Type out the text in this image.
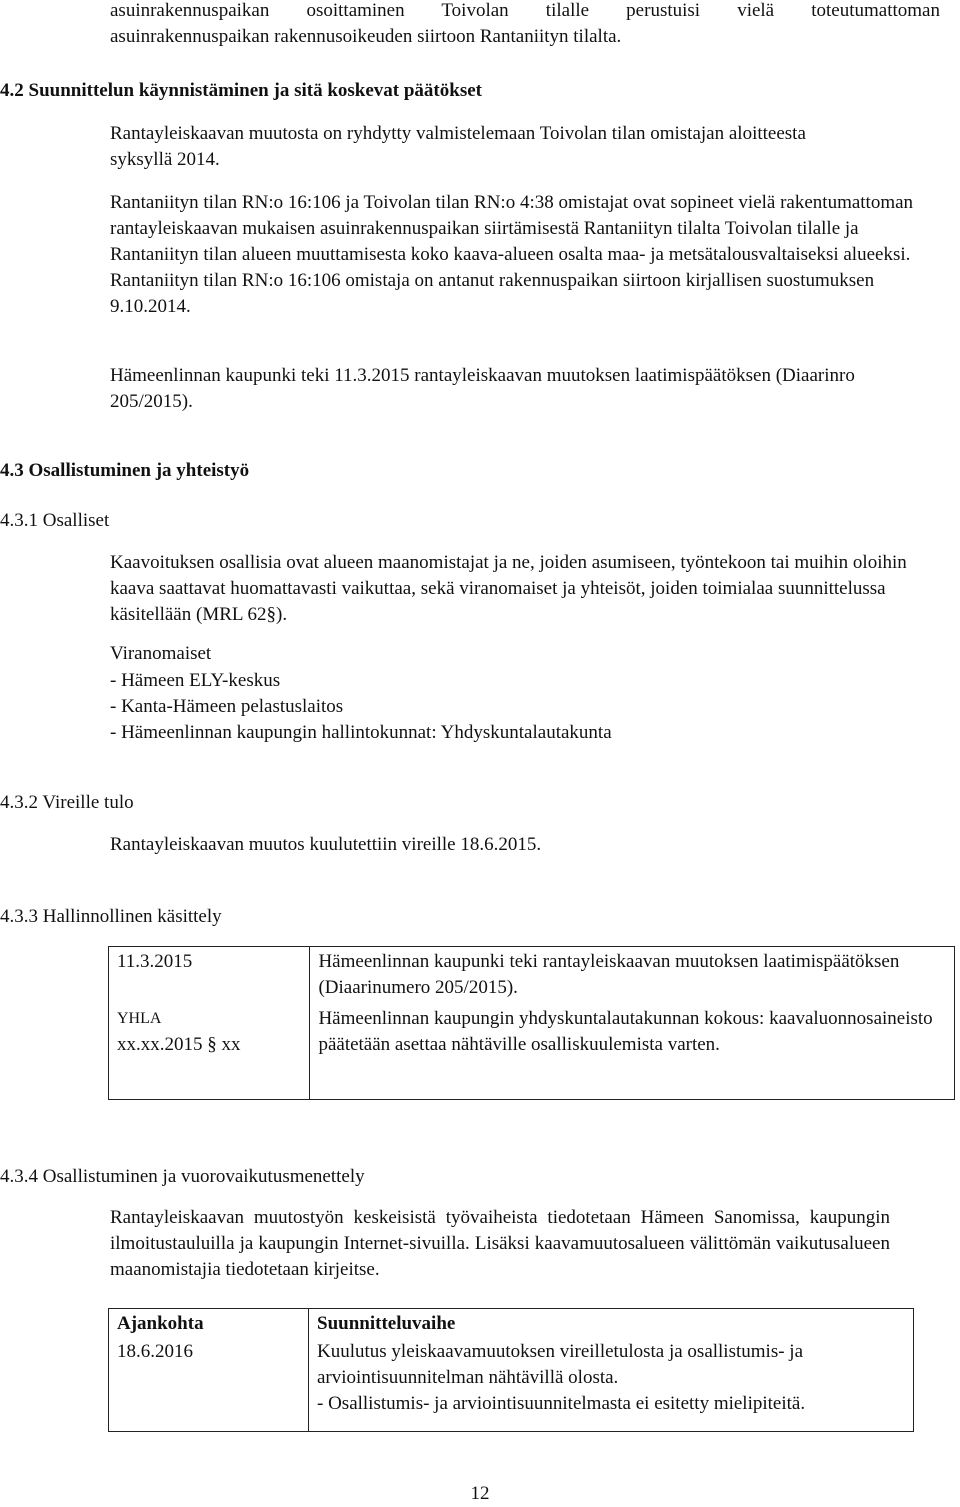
asuinrakennuspaikan osoittaminen Toivolan tilalle perustuisi vielä toteutumattoman
asuinrakennuspaikan rakennusoikeuden siirtoon Rantaniityn tilalta.
4.2 Suunnittelun käynnistäminen ja sitä koskevat päätökset
Rantayleiskaavan muutosta on ryhdytty valmistelemaan Toivolan tilan omistajan aloitteesta syksyllä 2014.
Rantaniityn tilan RN:o 16:106 ja Toivolan tilan RN:o 4:38 omistajat ovat sopineet vielä rakentumattoman rantayleiskaavan mukaisen asuinrakennuspaikan siirtämisestä Rantaniityn tilalta Toivolan tilalle ja Rantaniityn tilan alueen muuttamisesta koko kaava-alueen osalta maa- ja metsätalousvaltaiseksi alueeksi. Rantaniityn tilan RN:o 16:106 omistaja on antanut rakennuspaikan siirtoon kirjallisen suostumuksen 9.10.2014.
Hämeenlinnan kaupunki teki 11.3.2015 rantayleiskaavan muutoksen laatimispäätöksen (Diaarinro 205/2015).
4.3 Osallistuminen ja yhteistyö
4.3.1 Osalliset
Kaavoituksen osallisia ovat alueen maanomistajat ja ne, joiden asumiseen, työntekoon tai muihin oloihin kaava saattavat huomattavasti vaikuttaa, sekä viranomaiset ja yhteisöt, joiden toimialaa suunnittelussa käsitellään (MRL 62§).
Viranomaiset
- Hämeen ELY-keskus
- Kanta-Hämeen pelastuslaitos
- Hämeenlinnan kaupungin hallintokunnat: Yhdyskuntalautakunta
4.3.2 Vireille tulo
Rantayleiskaavan muutos kuulutettiin vireille 18.6.2015.
4.3.3 Hallinnollinen käsittely
11.3.2015	Hämeenlinnan kaupunki teki rantayleiskaavan muutoksen laatimispäätöksen (Diaarinumero 205/2015).

YHLA
xx.xx.2015 § xx	Hämeenlinnan kaupungin yhdyskuntalautakunnan kokous: kaavaluonnosaineisto päätetään asettaa nähtäville osalliskuulemista varten.
4.3.4 Osallistuminen ja vuorovaikutusmenettely
Rantayleiskaavan muutostyön keskeisistä työvaiheista tiedotetaan Hämeen Sanomissa, kaupungin ilmoitustauluilla ja kaupungin Internet-sivuilla. Lisäksi kaavamuutosalueen välittömän vaikutusalueen maanomistajia tiedotetaan kirjeitse.
Ajankohta	Suunnitteluvaihe
18.6.2016	Kuulutus yleiskaavamuutoksen vireilletulosta ja osallistumis- ja arviointisuunnitelman nähtävillä olosta.
- Osallistumis- ja arviointisuunnitelmasta ei esitetty mielipiteitä.
12
